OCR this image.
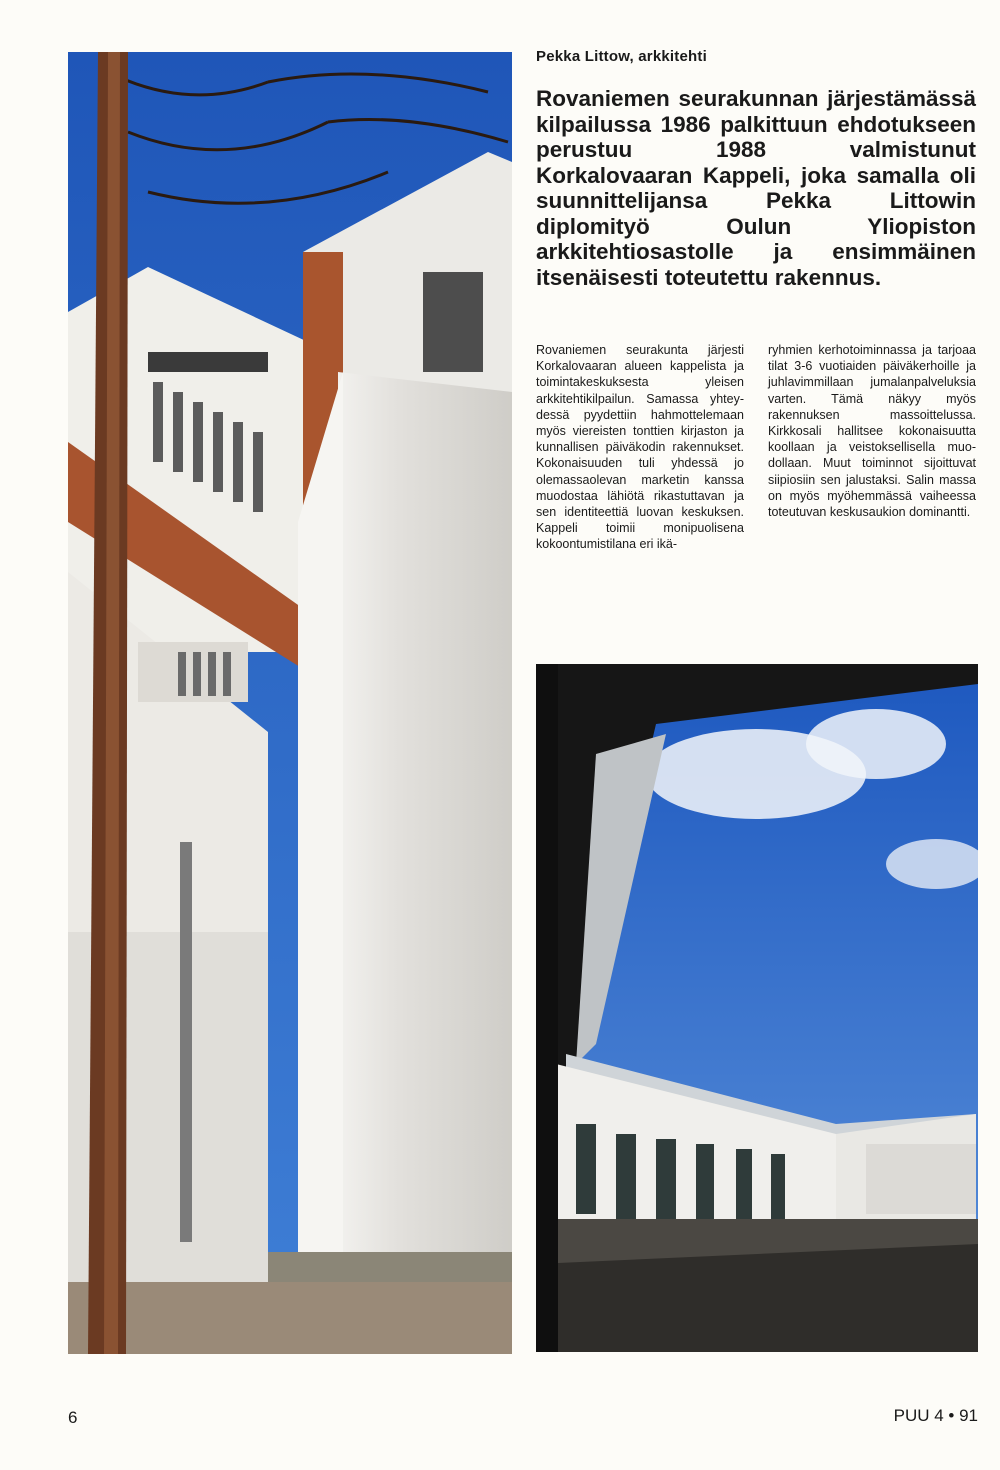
Pekka Littow, arkkitehti

Rovaniemen seurakunnan järjestämässä kilpailussa 1986 palkittuun ehdotukseen perustuu 1988 valmistunut Korkalovaaran Kappeli, joka samalla oli suunnittelijansa Pekka Littowin diplomityö Oulun Yliopiston arkkitehtiosastolle ja ensimmäinen itsenäisesti toteutettu rakennus.

Rovaniemen seurakunta järjesti Korkalovaaran alueen kappelista ja toimintakeskuksesta yleisen arkkitehtikilpailun. Samassa yhteydessä pyydettiin hahmottelemaan myös viereisten tonttien kirjaston ja kunnallisen päiväkodin rakennukset. Kokonaisuuden tuli yhdessä jo olemassaolevan marketin kanssa muodostaa lähiötä rikastuttavan ja sen identiteettiä luovan keskuksen. Kappeli toimii monipuolisena kokoontumistilana eri ikä-

ryhmien kerhotoiminnassa ja tarjoaa tilat 3-6 vuotiaiden päiväkerhoille ja juhlavimmillaan jumalanpalveluksia varten. Tämä näkyy myös rakennuksen massoittelussa. Kirkkosali hallitsee kokonaisuutta koollaan ja veistoksellisella muodollaan. Muut toiminnot sijoittuvat siipiosiin sen jalustaksi. Salin massa on myös myöhemmässä vaiheessa toteutuvan keskusaukion dominantti.

6	PUU 4 • 91
